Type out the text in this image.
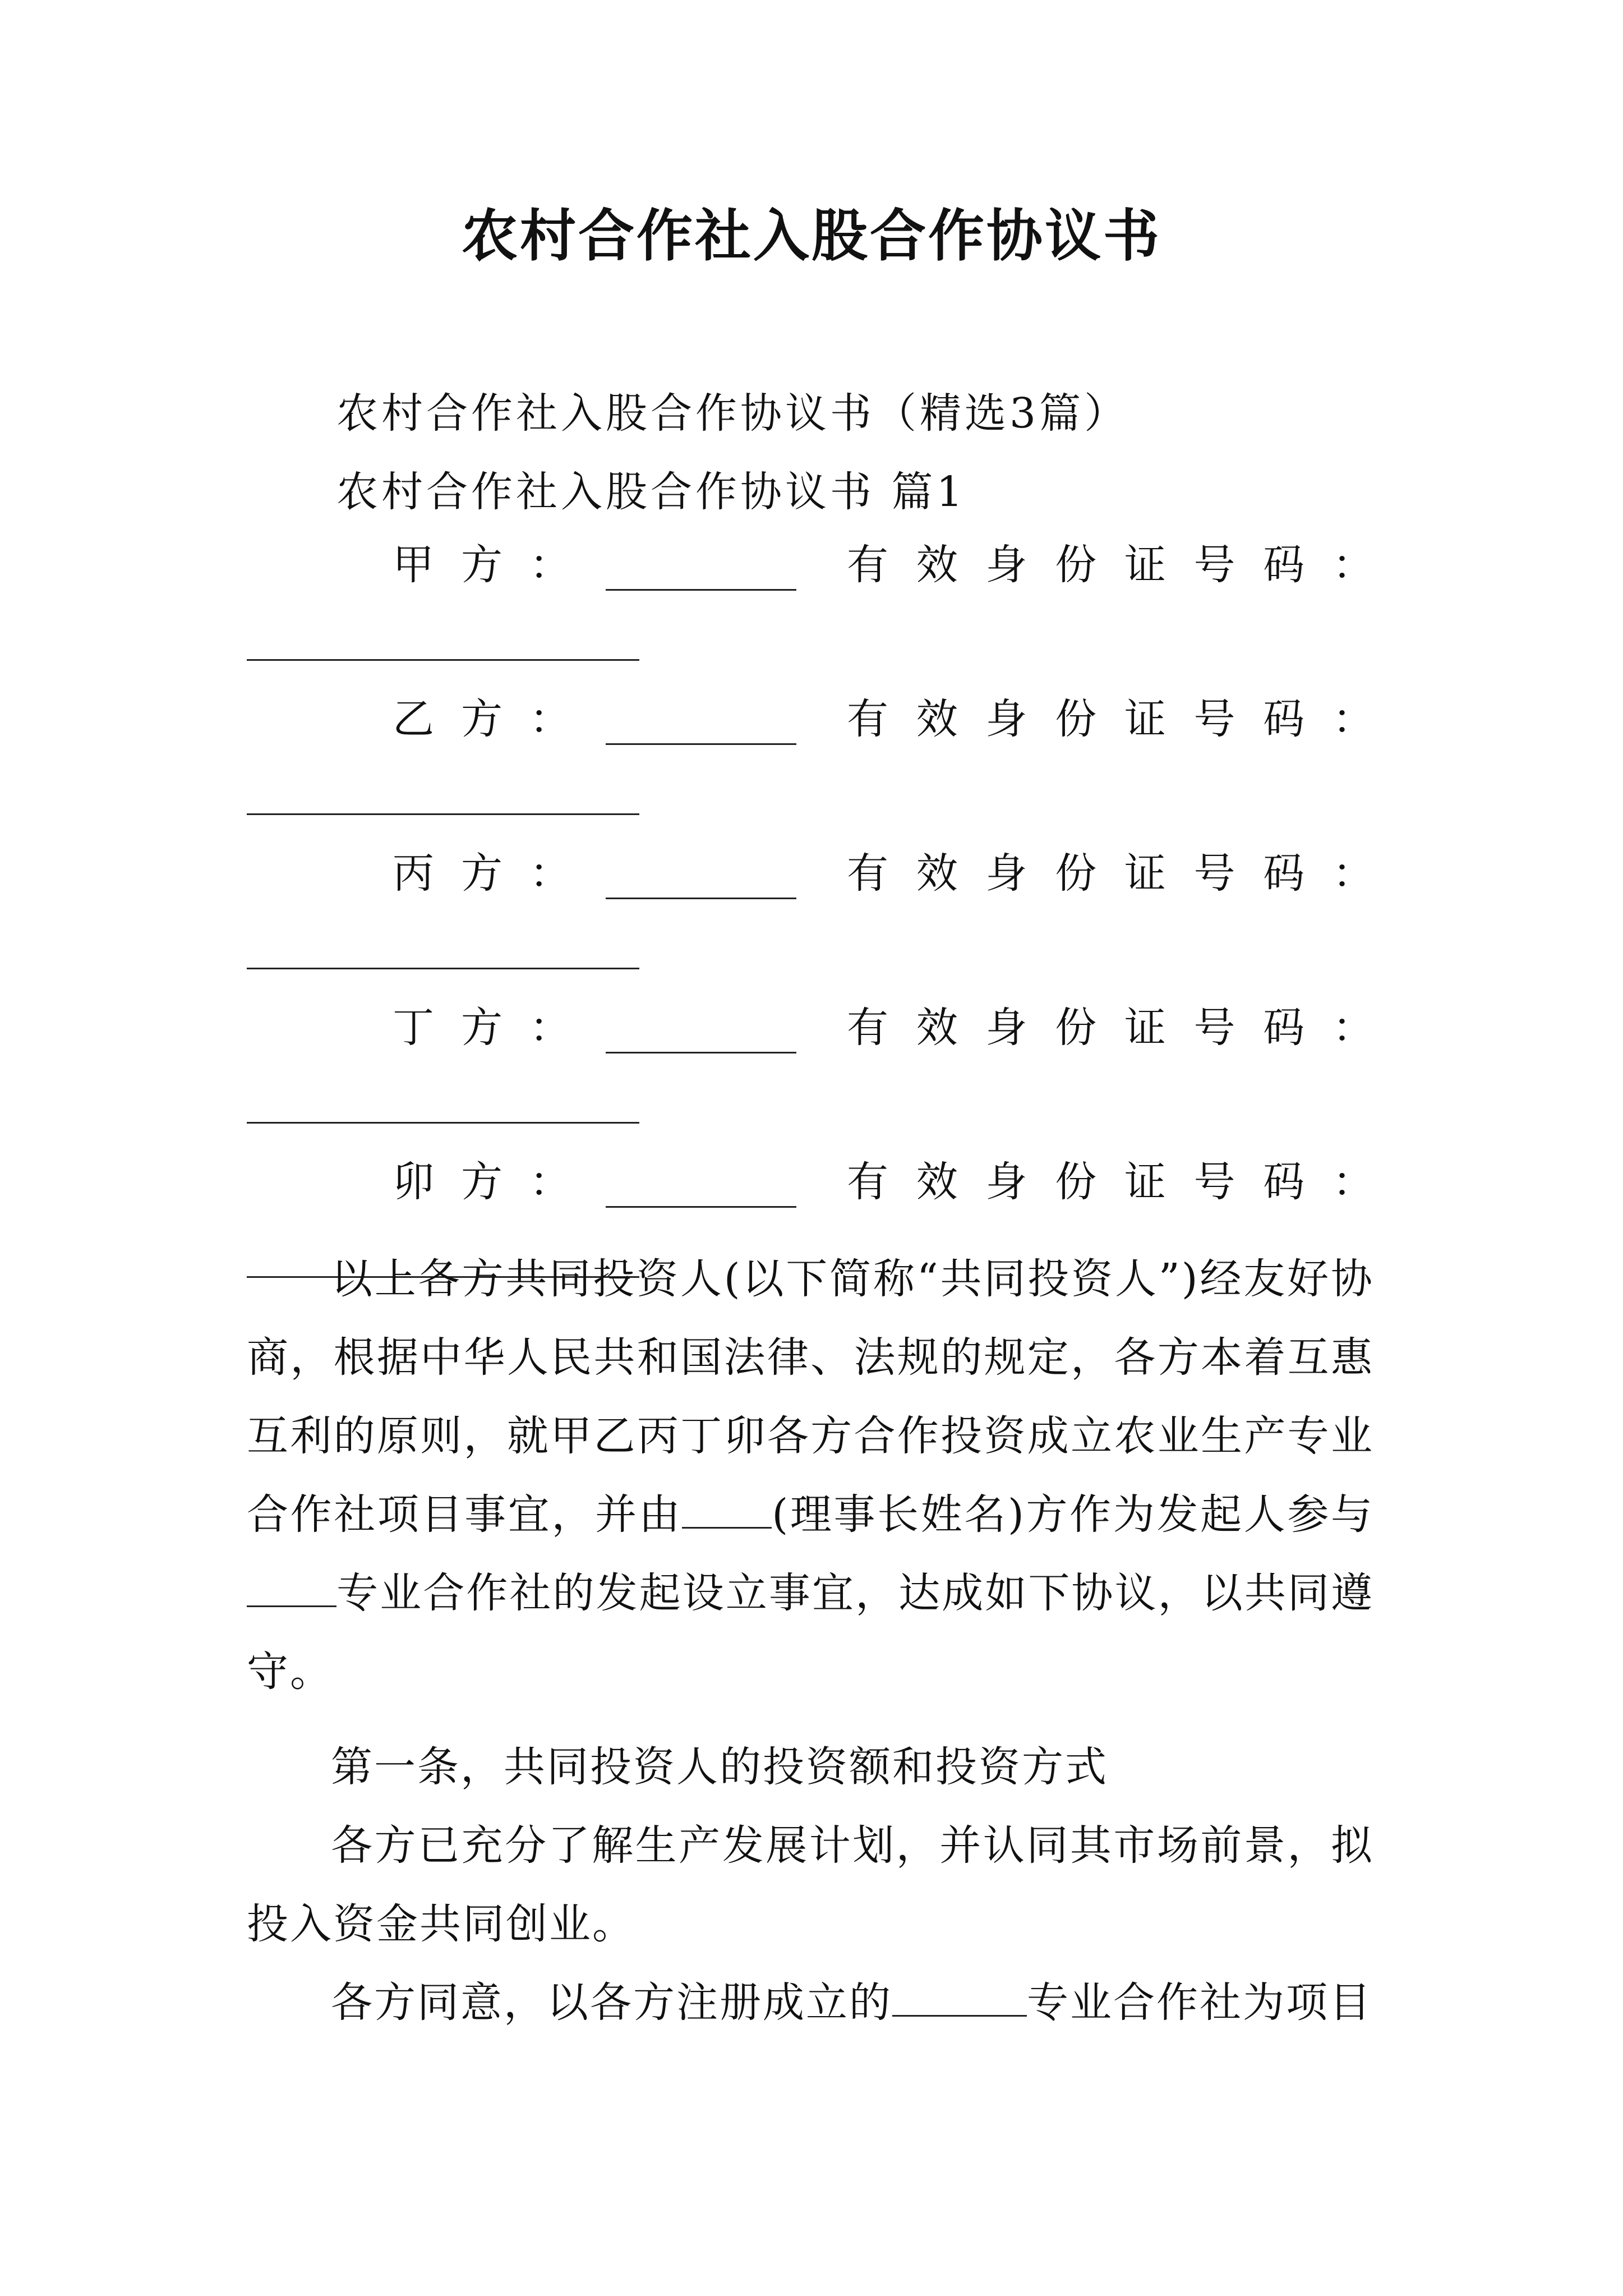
农村合作社入股合作协议书
农村合作社入股合作协议书（精选3篇）
农村合作社入股合作协议书 篇1
甲方：	有 效 身 份 证 号 码 ：
乙方：	有 效 身 份 证 号 码 ：
丙方：	有 效 身 份 证 号 码 ：
丁方：	有 效 身 份 证 号 码 ：
卯方：	有 效 身 份 证 号 码 ：
以上各方共同投资人(以下简称“共同投资人”)经友好协商，根据中华人民共和国法律、法规的规定，各方本着互惠互利的原则，就甲乙丙丁卯各方合作投资成立农业生产专业合作社项目事宜，并由 (理事长姓名)方作为发起人参与专业合作社的发起设立事宜，达成如下协议，以共同遵守。
第一条，共同投资人的投资额和投资方式
各方已充分了解生产发展计划，并认同其市场前景，拟投入资金共同创业。
各方同意，以各方注册成立的	专业合作社为项目
